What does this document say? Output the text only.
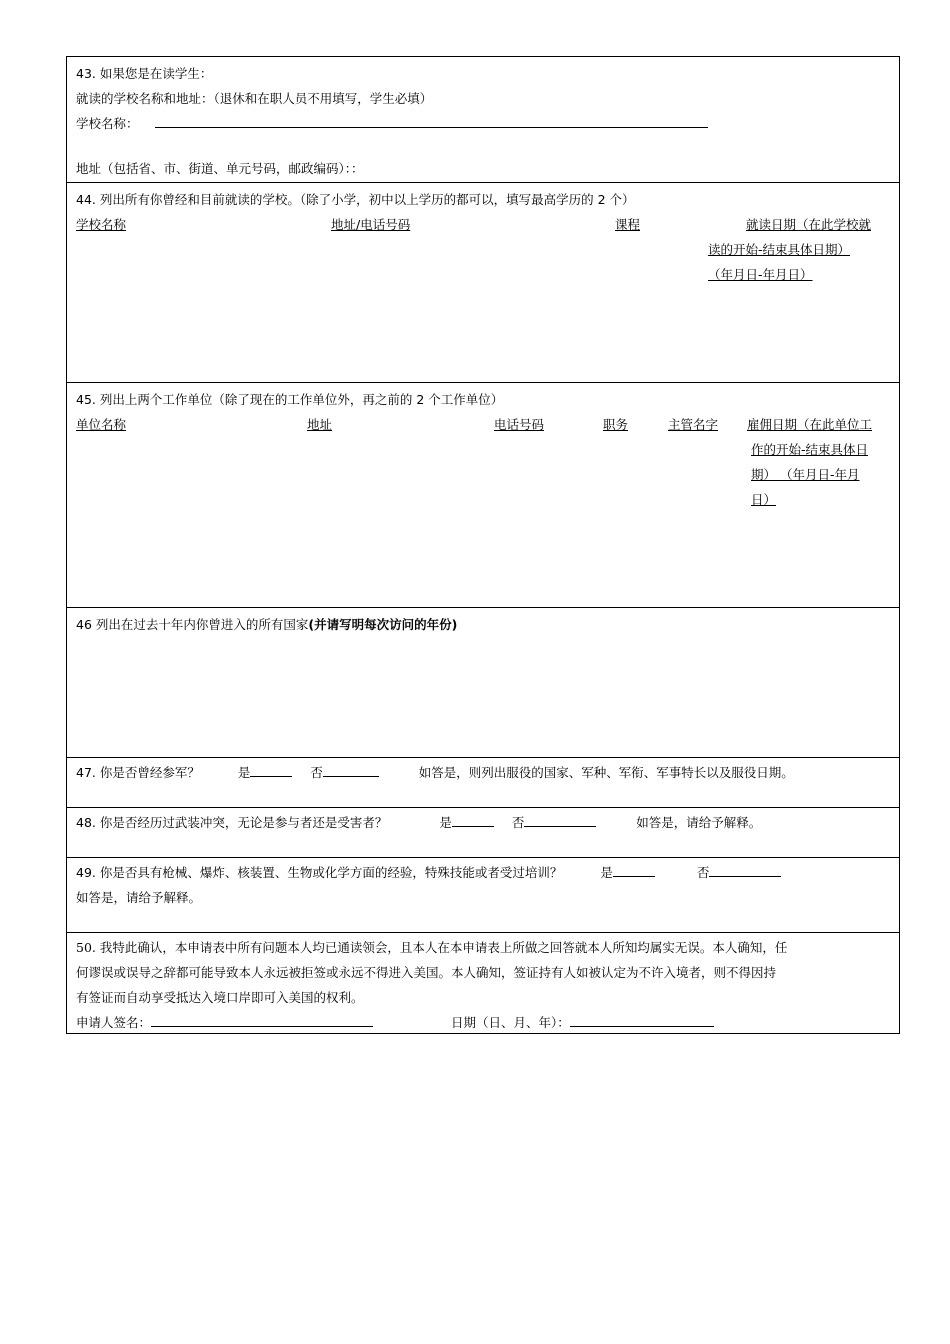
43. 如果您是在读学生：
就读的学校名称和地址：（退休和在职人员不用填写，学生必填）
学校名称：
地址（包括省、市、街道、单元号码，邮政编码）：：
44. 列出所有你曾经和目前就读的学校。（除了小学，初中以上学历的都可以，填写最高学历的 2 个）
学校名称	地址/电话号码	课程	就读日期（在此学校就
读的开始-结束具体日期）
（年月日-年月日）
45. 列出上两个工作单位（除了现在的工作单位外，再之前的 2 个工作单位）
单位名称	地址	电话号码	职务	主管名字 雇佣日期（在此单位工
作的开始-结束具体日
期） （年月日-年月
日）
46 列出在过去十年内你曾进入的所有国家(并请写明每次访问的年份)
47. 你是否曾经参军？	是	否	如答是，则列出服役的国家、军种、军衔、军事特长以及服役日期。
48. 你是否经历过武装冲突，无论是参与者还是受害者？	是	否	如答是，请给予解释。
49. 你是否具有枪械、爆炸、核装置、生物或化学方面的经验，特殊技能或者受过培训？	是	否
如答是，请给予解释。
50. 我特此确认，本申请表中所有问题本人均已通读领会，且本人在本申请表上所做之回答就本人所知均属实无误。本人确知，任
何谬误或误导之辞都可能导致本人永远被拒签或永远不得进入美国。本人确知，签证持有人如被认定为不许入境者，则不得因持
有签证而自动享受抵达入境口岸即可入美国的权利。
申请人签名：	日期（日、月、年）：
